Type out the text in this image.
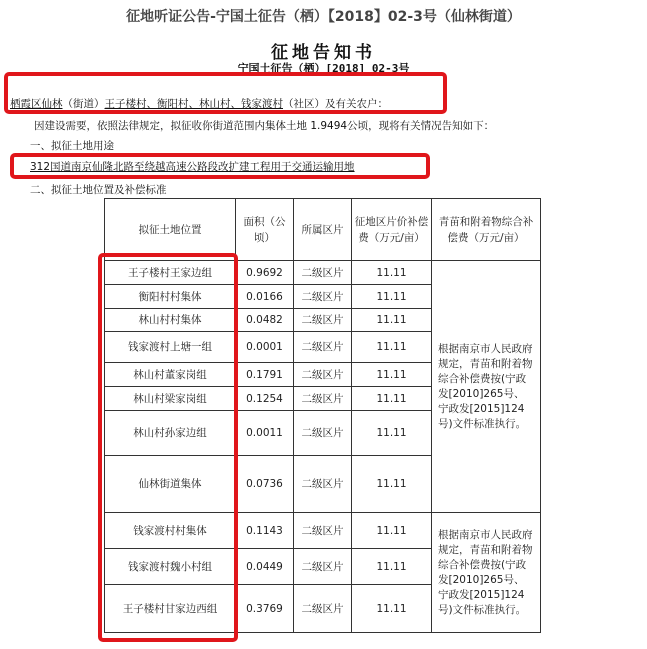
征地听证公告-宁国土征告（栖）【2018】02-3号（仙林街道）
征地告知书
宁国土征告（栖）[2018] 02-3号
栖霞区仙林（街道）王子楼村、衡阳村、林山村、钱家渡村（社区）及有关农户：
因建设需要，依照法律规定，拟征收你街道范围内集体土地 1.9494公顷，现将有关情况告知如下：
一、拟征土地用途
312国道南京仙隆北路至绕越高速公路段改扩建工程用于交通运输用地
二、拟征土地位置及补偿标准
拟征土地位置	面积（公顷）	所属区片	征地区片价补偿费（万元/亩）	青苗和附着物综合补偿费（万元/亩）
王子楼村王家边组	0.9692	二级区片	11.11	根据南京市人民政府规定，青苗和附着物综合补偿费按(宁政发[2010]265号、宁政发[2015]124号)文件标准执行。
衡阳村村集体	0.0166	二级区片	11.11	
林山村村集体	0.0482	二级区片	11.11	
钱家渡村上塘一组	0.0001	二级区片	11.11	
林山村董家岗组	0.1791	二级区片	11.11	
林山村梁家岗组	0.1254	二级区片	11.11	
林山村孙家边组	0.0011	二级区片	11.11	
仙林街道集体	0.0736	二级区片	11.11	
钱家渡村村集体	0.1143	二级区片	11.11	根据南京市人民政府规定，青苗和附着物综合补偿费按(宁政发[2010]265号、宁政发[2015]124号)文件标准执行。
钱家渡村魏小村组	0.0449	二级区片	11.11	
王子楼村甘家边西组	0.3769	二级区片	11.11	
